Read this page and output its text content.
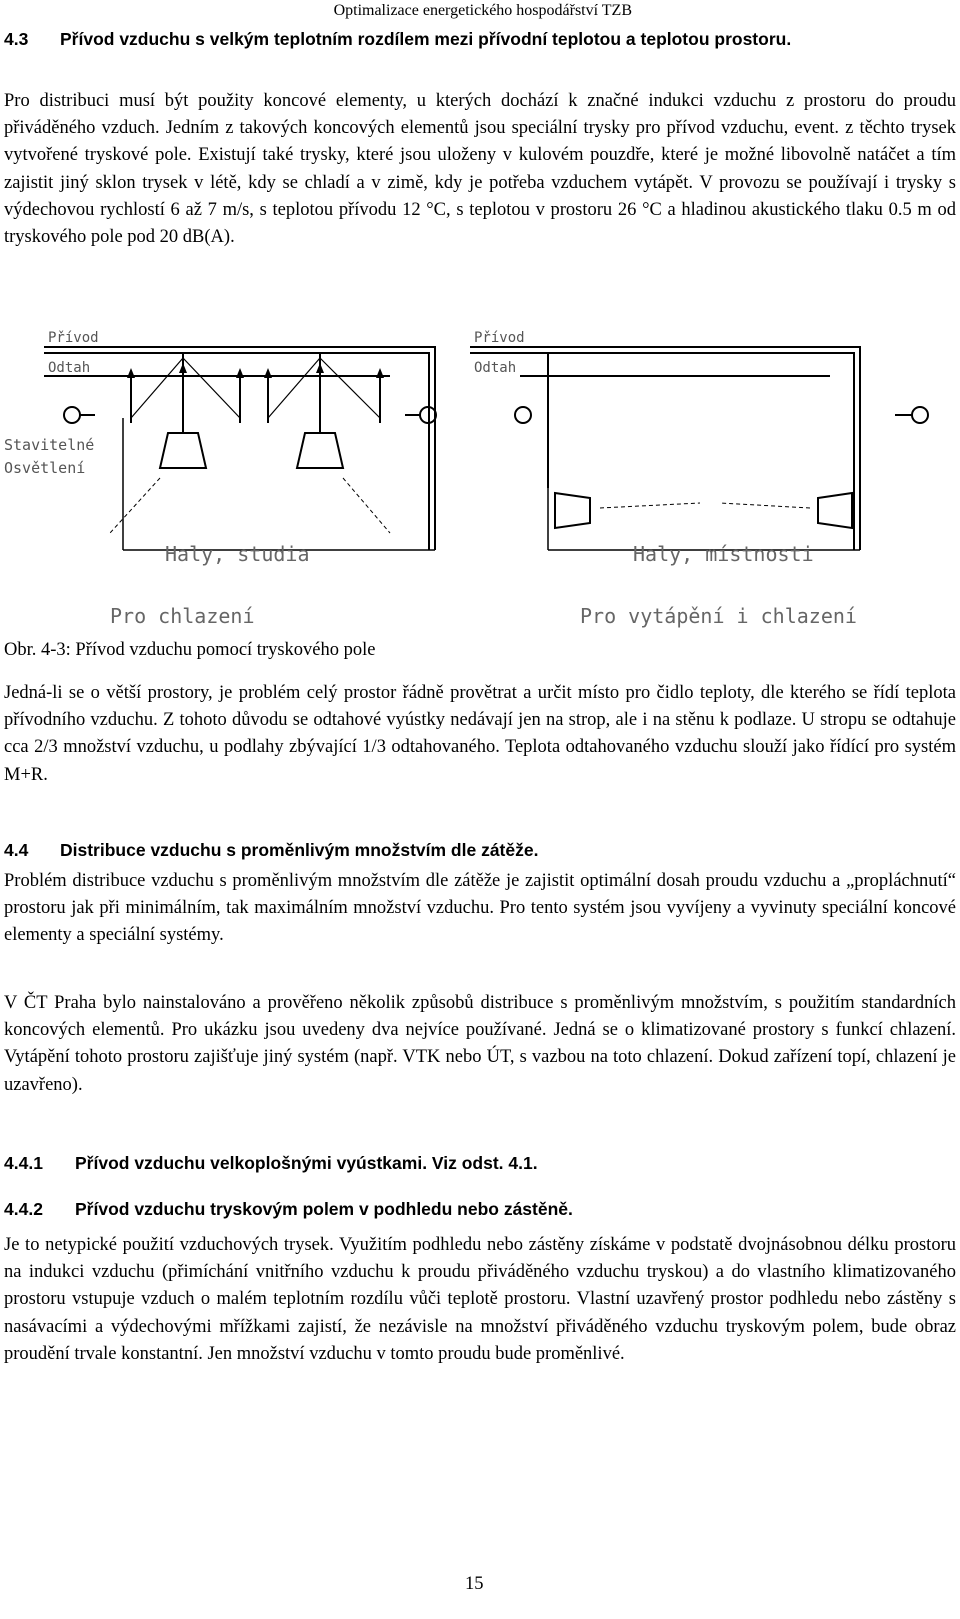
Optimalizace energetického hospodářství TZB
4.3 Přívod vzduchu s velkým teplotním rozdílem mezi přívodní teplotou a teplotou prostoru.

Pro distribuci musí být použity koncové elementy, u kterých dochází k značné indukci vzduchu z prostoru do proudu přiváděného vzduch. Jedním z takových koncových elementů jsou speciální trysky pro přívod vzduchu, event. z těchto trysek vytvořené tryskové pole. Existují také trysky, které jsou uloženy v kulovém pouzdře, které je možné libovolně natáčet a tím zajistit jiný sklon trysek v létě, kdy se chladí a v zimě, kdy je potřeba vzduchem vytápět. V provozu se používají i trysky s výdechovou rychlostí 6 až 7 m/s, s teplotou přívodu 12 °C, s teplotou v prostoru 26 °C a hladinou akustického tlaku 0.5 m od tryskového pole pod 20 dB(A).

Přívod
Odtah
Stavitelné
Osvětlení
Haly, studia
Pro chlazení
Přívod
Odtah
Haly, místnosti
Pro vytápění i chlazení
Obr. 4-3: Přívod vzduchu pomocí tryskového pole

Jedná-li se o větší prostory, je problém celý prostor řádně provětrat a určit místo pro čidlo teploty, dle kterého se řídí teplota přívodního vzduchu. Z tohoto důvodu se odtahové vyústky nedávají jen na strop, ale i na stěnu k podlaze. U stropu se odtahuje cca 2/3 množství vzduchu, u podlahy zbývající 1/3 odtahovaného. Teplota odtahovaného vzduchu slouží jako řídící pro systém M+R.

4.4 Distribuce vzduchu s proměnlivým množstvím dle zátěže.

Problém distribuce vzduchu s proměnlivým množstvím dle zátěže je zajistit optimální dosah proudu vzduchu a „propláchnutí“ prostoru jak při minimálním, tak maximálním množství vzduchu. Pro tento systém jsou vyvíjeny a vyvinuty speciální koncové elementy a speciální systémy.

V ČT Praha bylo nainstalováno a prověřeno několik způsobů distribuce s proměnlivým množstvím, s použitím standardních koncových elementů. Pro ukázku jsou uvedeny dva nejvíce používané. Jedná se o klimatizované prostory s funkcí chlazení. Vytápění tohoto prostoru zajišťuje jiný systém (např. VTK nebo ÚT, s vazbou na toto chlazení. Dokud zařízení topí, chlazení je uzavřeno).

4.4.1 Přívod vzduchu velkoplošnými vyústkami. Viz odst. 4.1.
4.4.2 Přívod vzduchu tryskovým polem v podhledu nebo zástěně.

Je to netypické použití vzduchových trysek. Využitím podhledu nebo zástěny získáme v podstatě dvojnásobnou délku prostoru na indukci vzduchu (přimíchání vnitřního vzduchu k proudu přiváděného vzduchu tryskou) a do vlastního klimatizovaného prostoru vstupuje vzduch o malém teplotním rozdílu vůči teplotě prostoru. Vlastní uzavřený prostor podhledu nebo zástěny s nasávacími a výdechovými mřížkami zajistí, že nezávisle na množství přiváděného vzduchu tryskovým polem, bude obraz proudění trvale konstantní. Jen množství vzduchu v tomto proudu bude proměnlivé.

15
